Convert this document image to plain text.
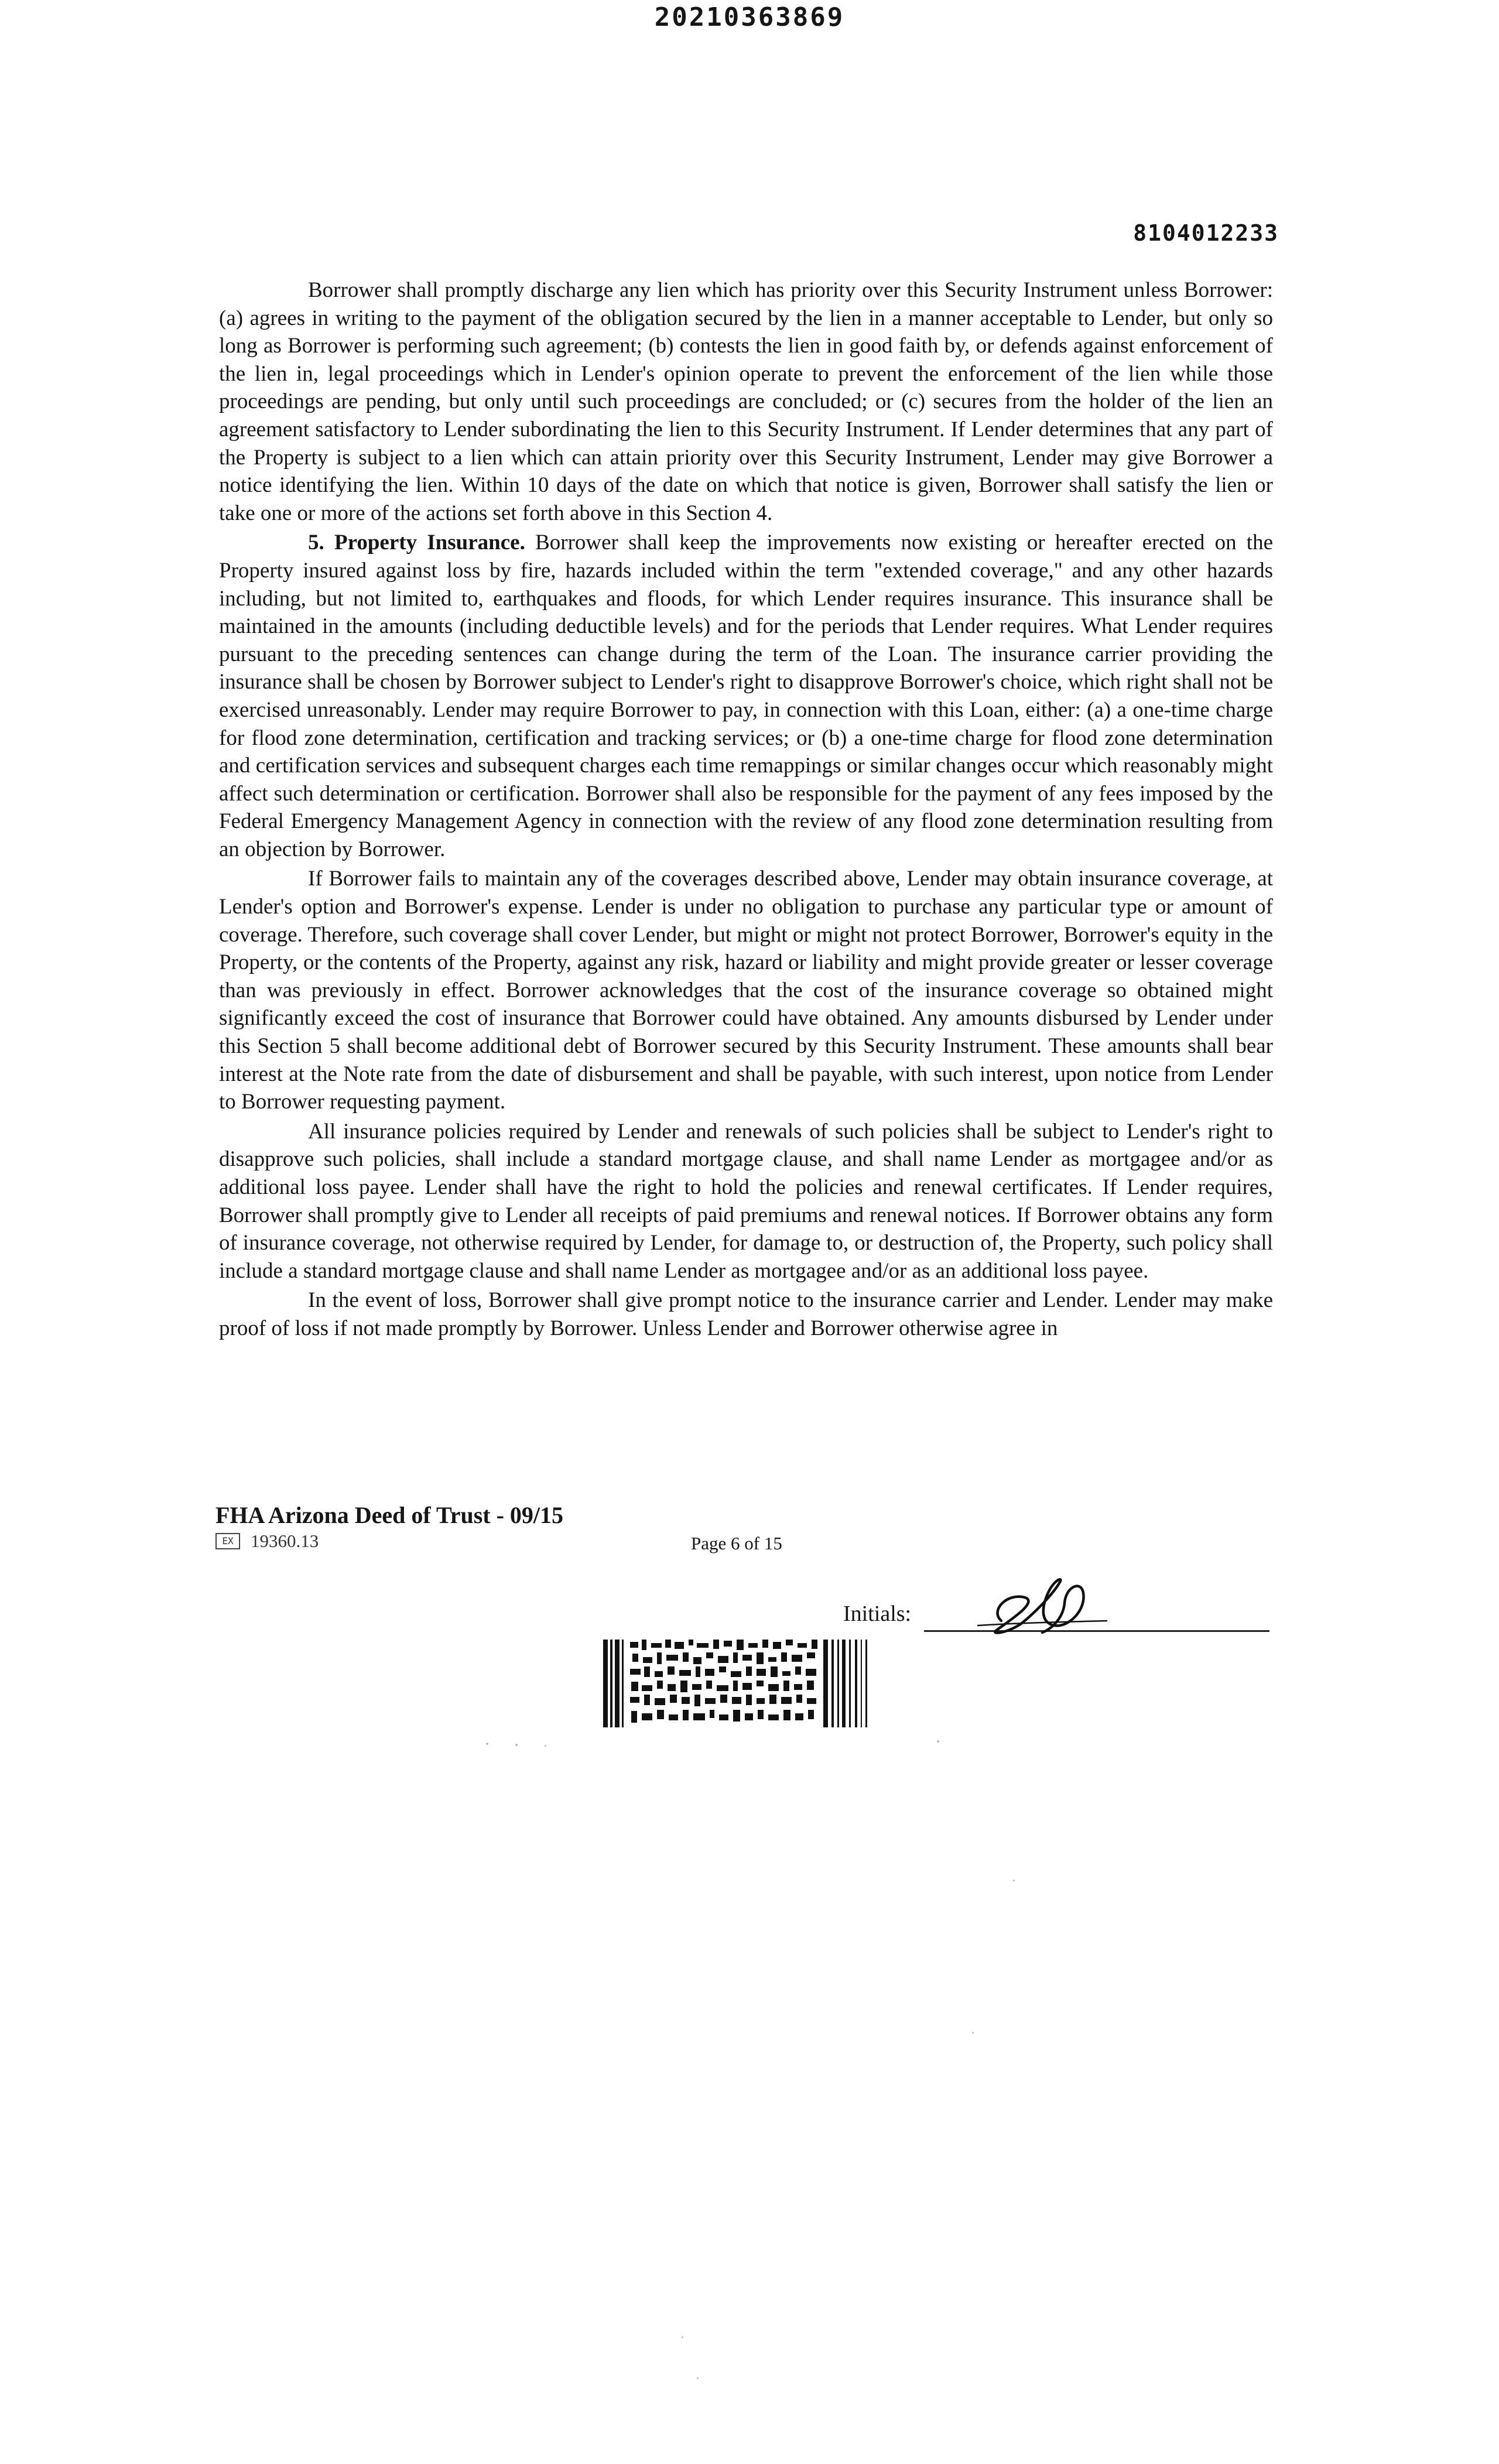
20210363869
8104012233

Borrower shall promptly discharge any lien which has priority over this Security Instrument unless Borrower: (a) agrees in writing to the payment of the obligation secured by the lien in a manner acceptable to Lender, but only so long as Borrower is performing such agreement; (b) contests the lien in good faith by, or defends against enforcement of the lien in, legal proceedings which in Lender's opinion operate to prevent the enforcement of the lien while those proceedings are pending, but only until such proceedings are concluded; or (c) secures from the holder of the lien an agreement satisfactory to Lender subordinating the lien to this Security Instrument. If Lender determines that any part of the Property is subject to a lien which can attain priority over this Security Instrument, Lender may give Borrower a notice identifying the lien. Within 10 days of the date on which that notice is given, Borrower shall satisfy the lien or take one or more of the actions set forth above in this Section 4.

5. Property Insurance. Borrower shall keep the improvements now existing or hereafter erected on the Property insured against loss by fire, hazards included within the term "extended coverage," and any other hazards including, but not limited to, earthquakes and floods, for which Lender requires insurance. This insurance shall be maintained in the amounts (including deductible levels) and for the periods that Lender requires. What Lender requires pursuant to the preceding sentences can change during the term of the Loan. The insurance carrier providing the insurance shall be chosen by Borrower subject to Lender's right to disapprove Borrower's choice, which right shall not be exercised unreasonably. Lender may require Borrower to pay, in connection with this Loan, either: (a) a one-time charge for flood zone determination, certification and tracking services; or (b) a one-time charge for flood zone determination and certification services and subsequent charges each time remappings or similar changes occur which reasonably might affect such determination or certification. Borrower shall also be responsible for the payment of any fees imposed by the Federal Emergency Management Agency in connection with the review of any flood zone determination resulting from an objection by Borrower.

If Borrower fails to maintain any of the coverages described above, Lender may obtain insurance coverage, at Lender's option and Borrower's expense. Lender is under no obligation to purchase any particular type or amount of coverage. Therefore, such coverage shall cover Lender, but might or might not protect Borrower, Borrower's equity in the Property, or the contents of the Property, against any risk, hazard or liability and might provide greater or lesser coverage than was previously in effect. Borrower acknowledges that the cost of the insurance coverage so obtained might significantly exceed the cost of insurance that Borrower could have obtained. Any amounts disbursed by Lender under this Section 5 shall become additional debt of Borrower secured by this Security Instrument. These amounts shall bear interest at the Note rate from the date of disbursement and shall be payable, with such interest, upon notice from Lender to Borrower requesting payment.

All insurance policies required by Lender and renewals of such policies shall be subject to Lender's right to disapprove such policies, shall include a standard mortgage clause, and shall name Lender as mortgagee and/or as additional loss payee. Lender shall have the right to hold the policies and renewal certificates. If Lender requires, Borrower shall promptly give to Lender all receipts of paid premiums and renewal notices. If Borrower obtains any form of insurance coverage, not otherwise required by Lender, for damage to, or destruction of, the Property, such policy shall include a standard mortgage clause and shall name Lender as mortgagee and/or as an additional loss payee.

In the event of loss, Borrower shall give prompt notice to the insurance carrier and Lender. Lender may make proof of loss if not made promptly by Borrower. Unless Lender and Borrower otherwise agree in

FHA Arizona Deed of Trust - 09/15
EX 19360.13	Page 6 of 15
Initials:
